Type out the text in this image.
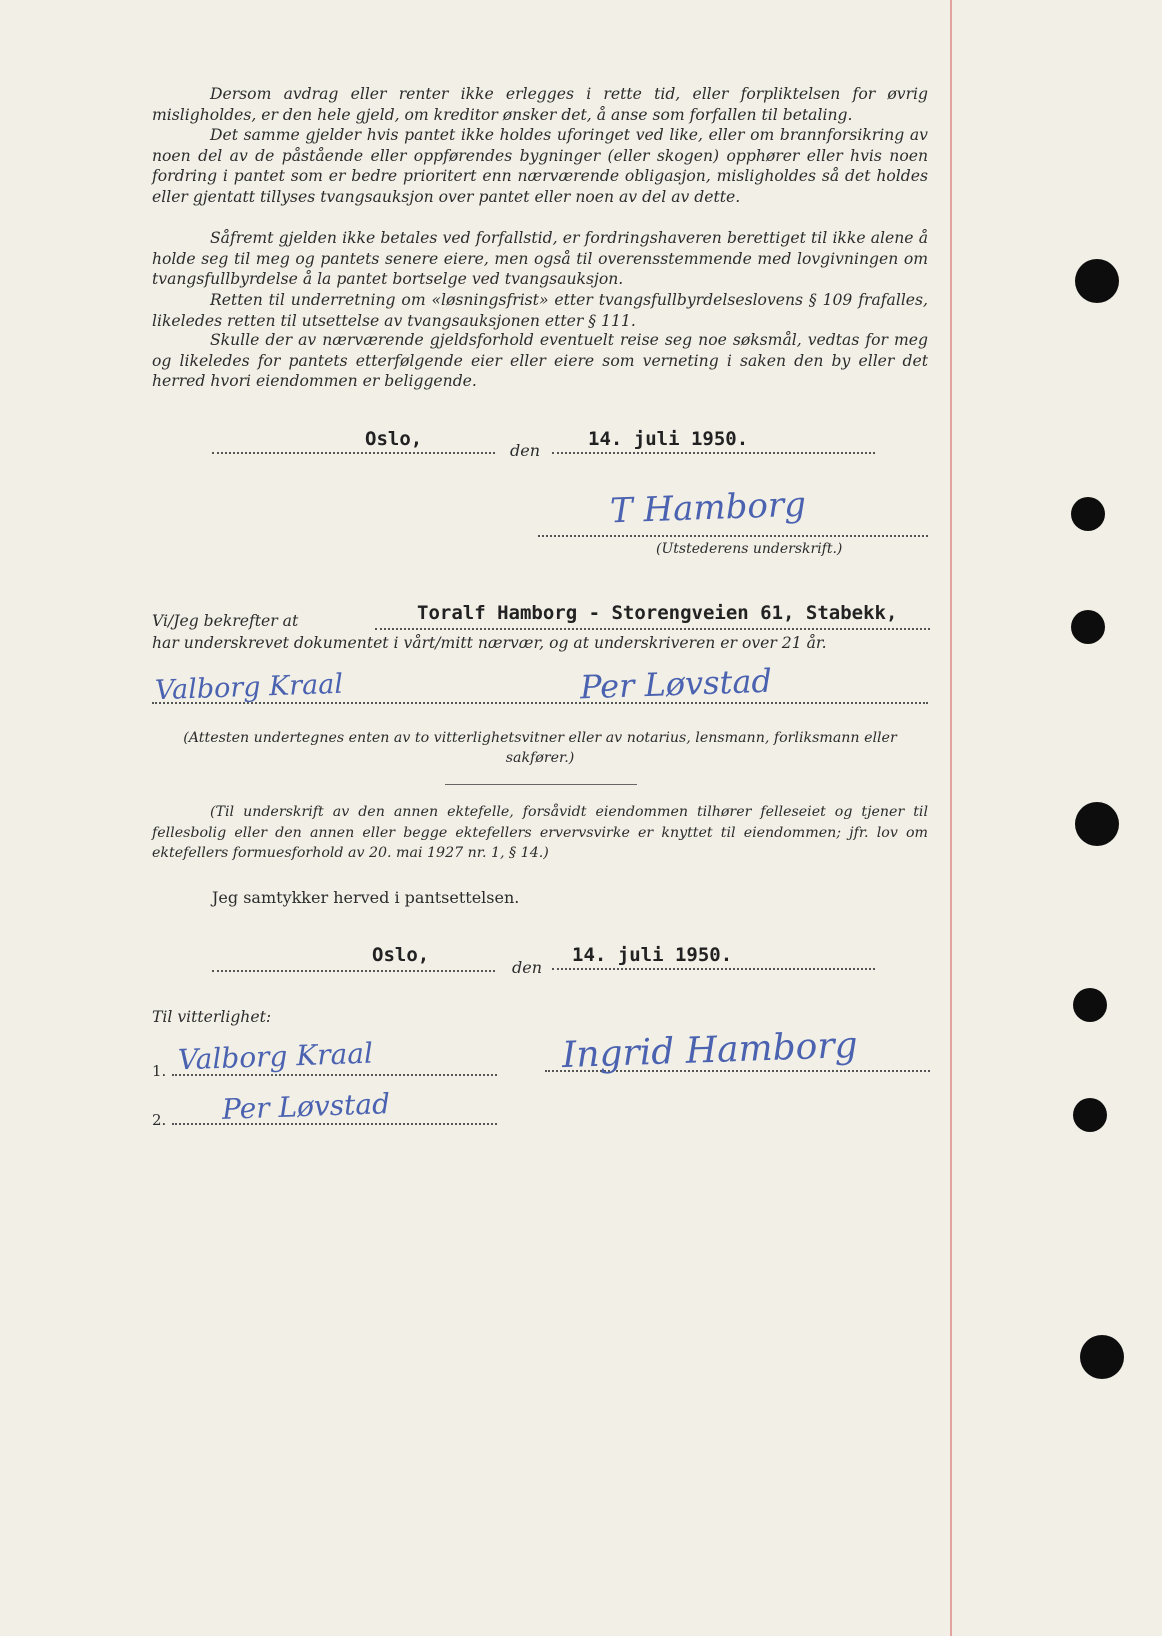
Dersom avdrag eller renter ikke erlegges i rette tid, eller forpliktelsen for øvrig misligholdes, er den hele gjeld, om kreditor ønsker det, å anse som forfallen til betaling.

Det samme gjelder hvis pantet ikke holdes uforinget ved like, eller om brannforsikring av noen del av de påstående eller oppførendes bygninger (eller skogen) opphører eller hvis noen fordring i pantet som er bedre prioritert enn nærværende obligasjon, misligholdes så det holdes eller gjentatt tillyses tvangsauksjon over pantet eller noen av del av dette.

Såfremt gjelden ikke betales ved forfallstid, er fordringshaveren berettiget til ikke alene å holde seg til meg og pantets senere eiere, men også til overensstemmende med lovgivningen om tvangsfullbyrdelse å la pantet bortselge ved tvangsauksjon.

Retten til underretning om «løsningsfrist» etter tvangsfullbyrdelseslovens § 109 frafalles, likeledes retten til utsettelse av tvangsauksjonen etter § 111.

Skulle der av nærværende gjeldsforhold eventuelt reise seg noe søksmål, vedtas for meg og likeledes for pantets etterfølgende eier eller eiere som verneting i saken den by eller det herred hvori eiendommen er beliggende.

Oslo,
den
14. juli 1950.
T Hamborg
(Utstederens underskrift.)
Vi/Jeg bekrefter at	Toralf Hamborg - Storengveien 61, Stabekk,
har underskrevet dokumentet i vårt/mitt nærvær, og at underskriveren er over 21 år.
Valborg Kraal	Per Løvstad

(Attesten undertegnes enten av to vitterlighetsvitner eller av notarius, lensmann, forliksmann eller sakfører.)

(Til underskrift av den annen ektefelle, forsåvidt eiendommen tilhører felleseiet og tjener til fellesbolig eller den annen eller begge ektefellers ervervsvirke er knyttet til eiendommen; jfr. lov om ektefellers formuesforhold av 20. mai 1927 nr. 1, § 14.)

Jeg samtykker herved i pantsettelsen.
Oslo,
den
14. juli 1950.
Til vitterlighet:
1. Valborg Kraal
2. Per Løvstad
Ingrid Hamborg
